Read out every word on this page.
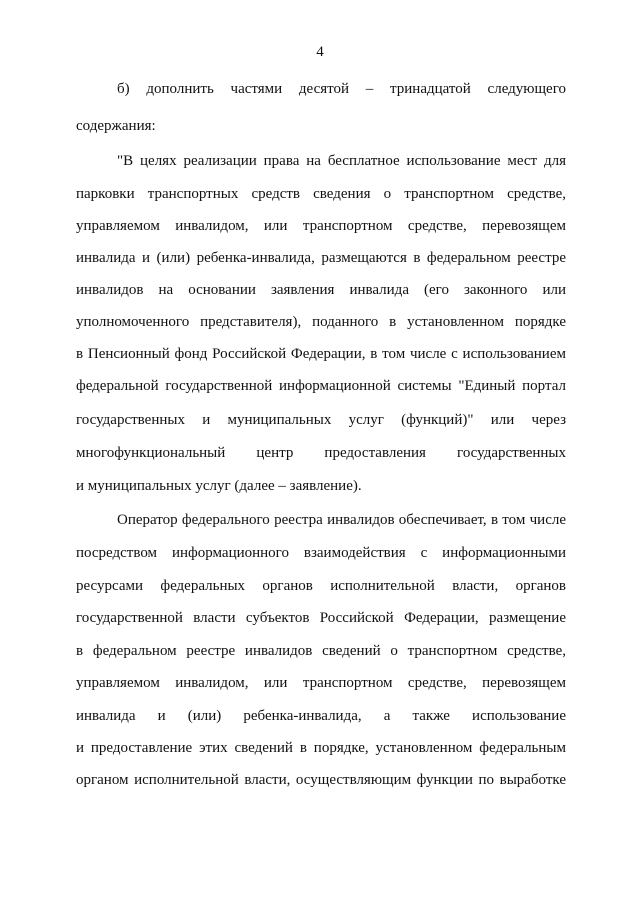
4
б) дополнить частями десятой – тринадцатой следующего
содержания:
"В целях реализации права на бесплатное использование мест для
парковки транспортных средств сведения о транспортном средстве,
управляемом инвалидом, или транспортном средстве, перевозящем
инвалида и (или) ребенка-инвалида, размещаются в федеральном реестре
инвалидов на основании заявления инвалида (его законного или
уполномоченного представителя), поданного в установленном порядке
в Пенсионный фонд Российской Федерации, в том числе с использованием
федеральной государственной информационной системы "Единый портал
государственных и муниципальных услуг (функций)" или через
многофункциональный центр предоставления государственных
и муниципальных услуг (далее – заявление).
Оператор федерального реестра инвалидов обеспечивает, в том числе
посредством информационного взаимодействия с информационными
ресурсами федеральных органов исполнительной власти, органов
государственной власти субъектов Российской Федерации, размещение
в федеральном реестре инвалидов сведений о транспортном средстве,
управляемом инвалидом, или транспортном средстве, перевозящем
инвалида и (или) ребенка-инвалида, а также использование
и предоставление этих сведений в порядке, установленном федеральным
органом исполнительной власти, осуществляющим функции по выработке
